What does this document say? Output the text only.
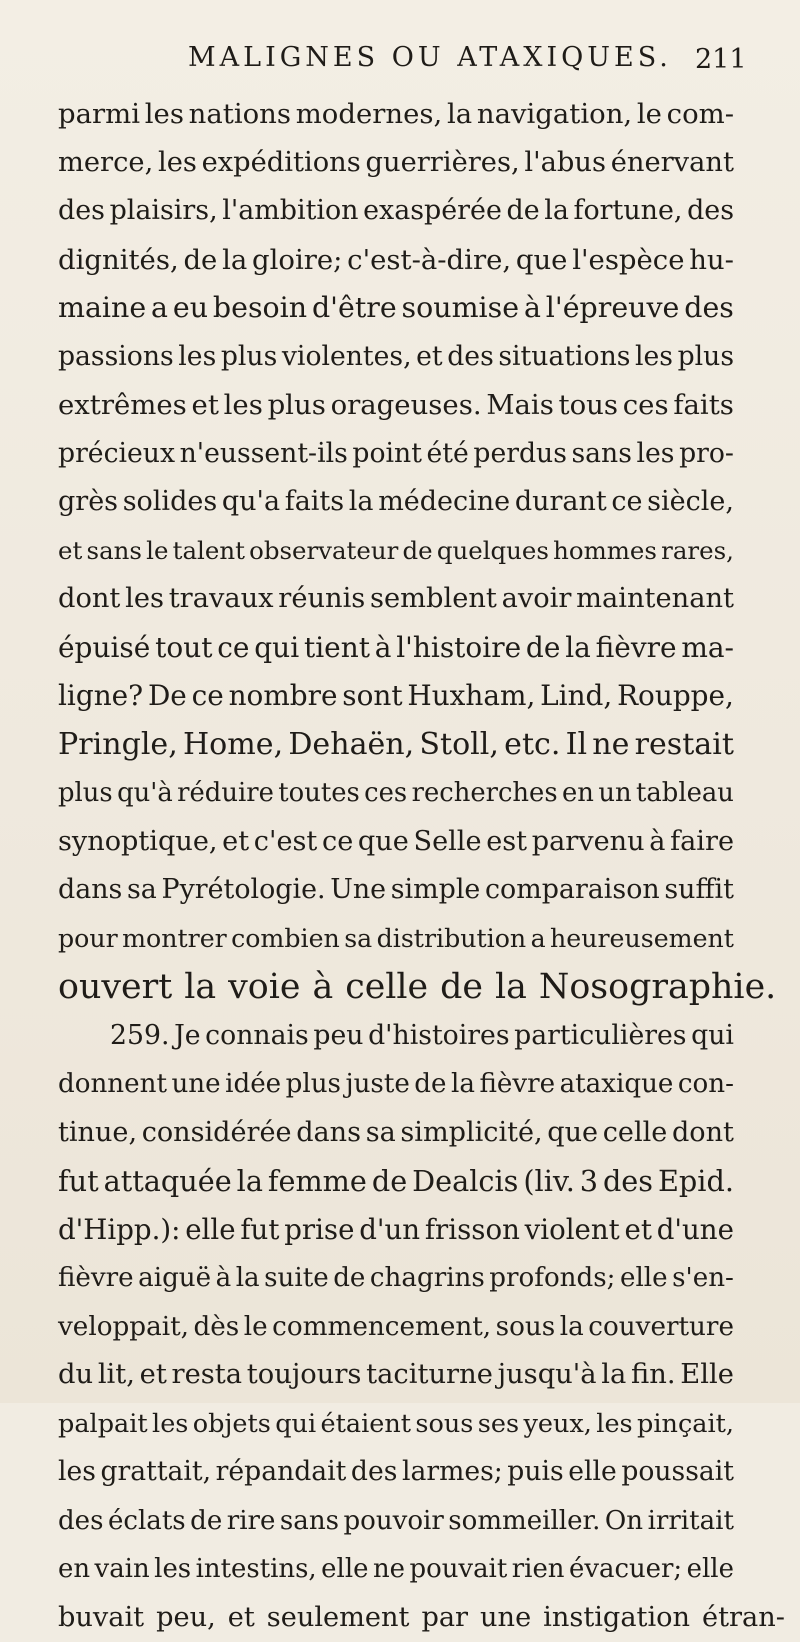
MALIGNES OU ATAXIQUES. 211
parmi les nations modernes, la navigation, le com-
merce, les expéditions guerrières, l'abus énervant
des plaisirs, l'ambition exaspérée de la fortune, des
dignités, de la gloire; c'est-à-dire, que l'espèce hu-
maine a eu besoin d'être soumise à l'épreuve des
passions les plus violentes, et des situations les plus
extrêmes et les plus orageuses. Mais tous ces faits
précieux n'eussent-ils point été perdus sans les pro-
grès solides qu'a faits la médecine durant ce siècle,
et sans le talent observateur de quelques hommes rares,
dont les travaux réunis semblent avoir maintenant
épuisé tout ce qui tient à l'histoire de la fièvre ma-
ligne? De ce nombre sont Huxham, Lind, Rouppe,
Pringle, Home, Dehaën, Stoll, etc. Il ne restait
plus qu'à réduire toutes ces recherches en un tableau
synoptique, et c'est ce que Selle est parvenu à faire
dans sa Pyrétologie. Une simple comparaison suffit
pour montrer combien sa distribution a heureusement
ouvert la voie à celle de la Nosographie.
259. Je connais peu d'histoires particulières qui
donnent une idée plus juste de la fièvre ataxique con-
tinue, considérée dans sa simplicité, que celle dont
fut attaquée la femme de Dealcis (liv. 3 des Epid.
d'Hipp.): elle fut prise d'un frisson violent et d'une
fièvre aiguë à la suite de chagrins profonds; elle s'en-
veloppait, dès le commencement, sous la couverture
du lit, et resta toujours taciturne jusqu'à la fin. Elle
palpait les objets qui étaient sous ses yeux, les pinçait,
les grattait, répandait des larmes; puis elle poussait
des éclats de rire sans pouvoir sommeiller. On irritait
en vain les intestins, elle ne pouvait rien évacuer; elle
buvait peu, et seulement par une instigation étran-
